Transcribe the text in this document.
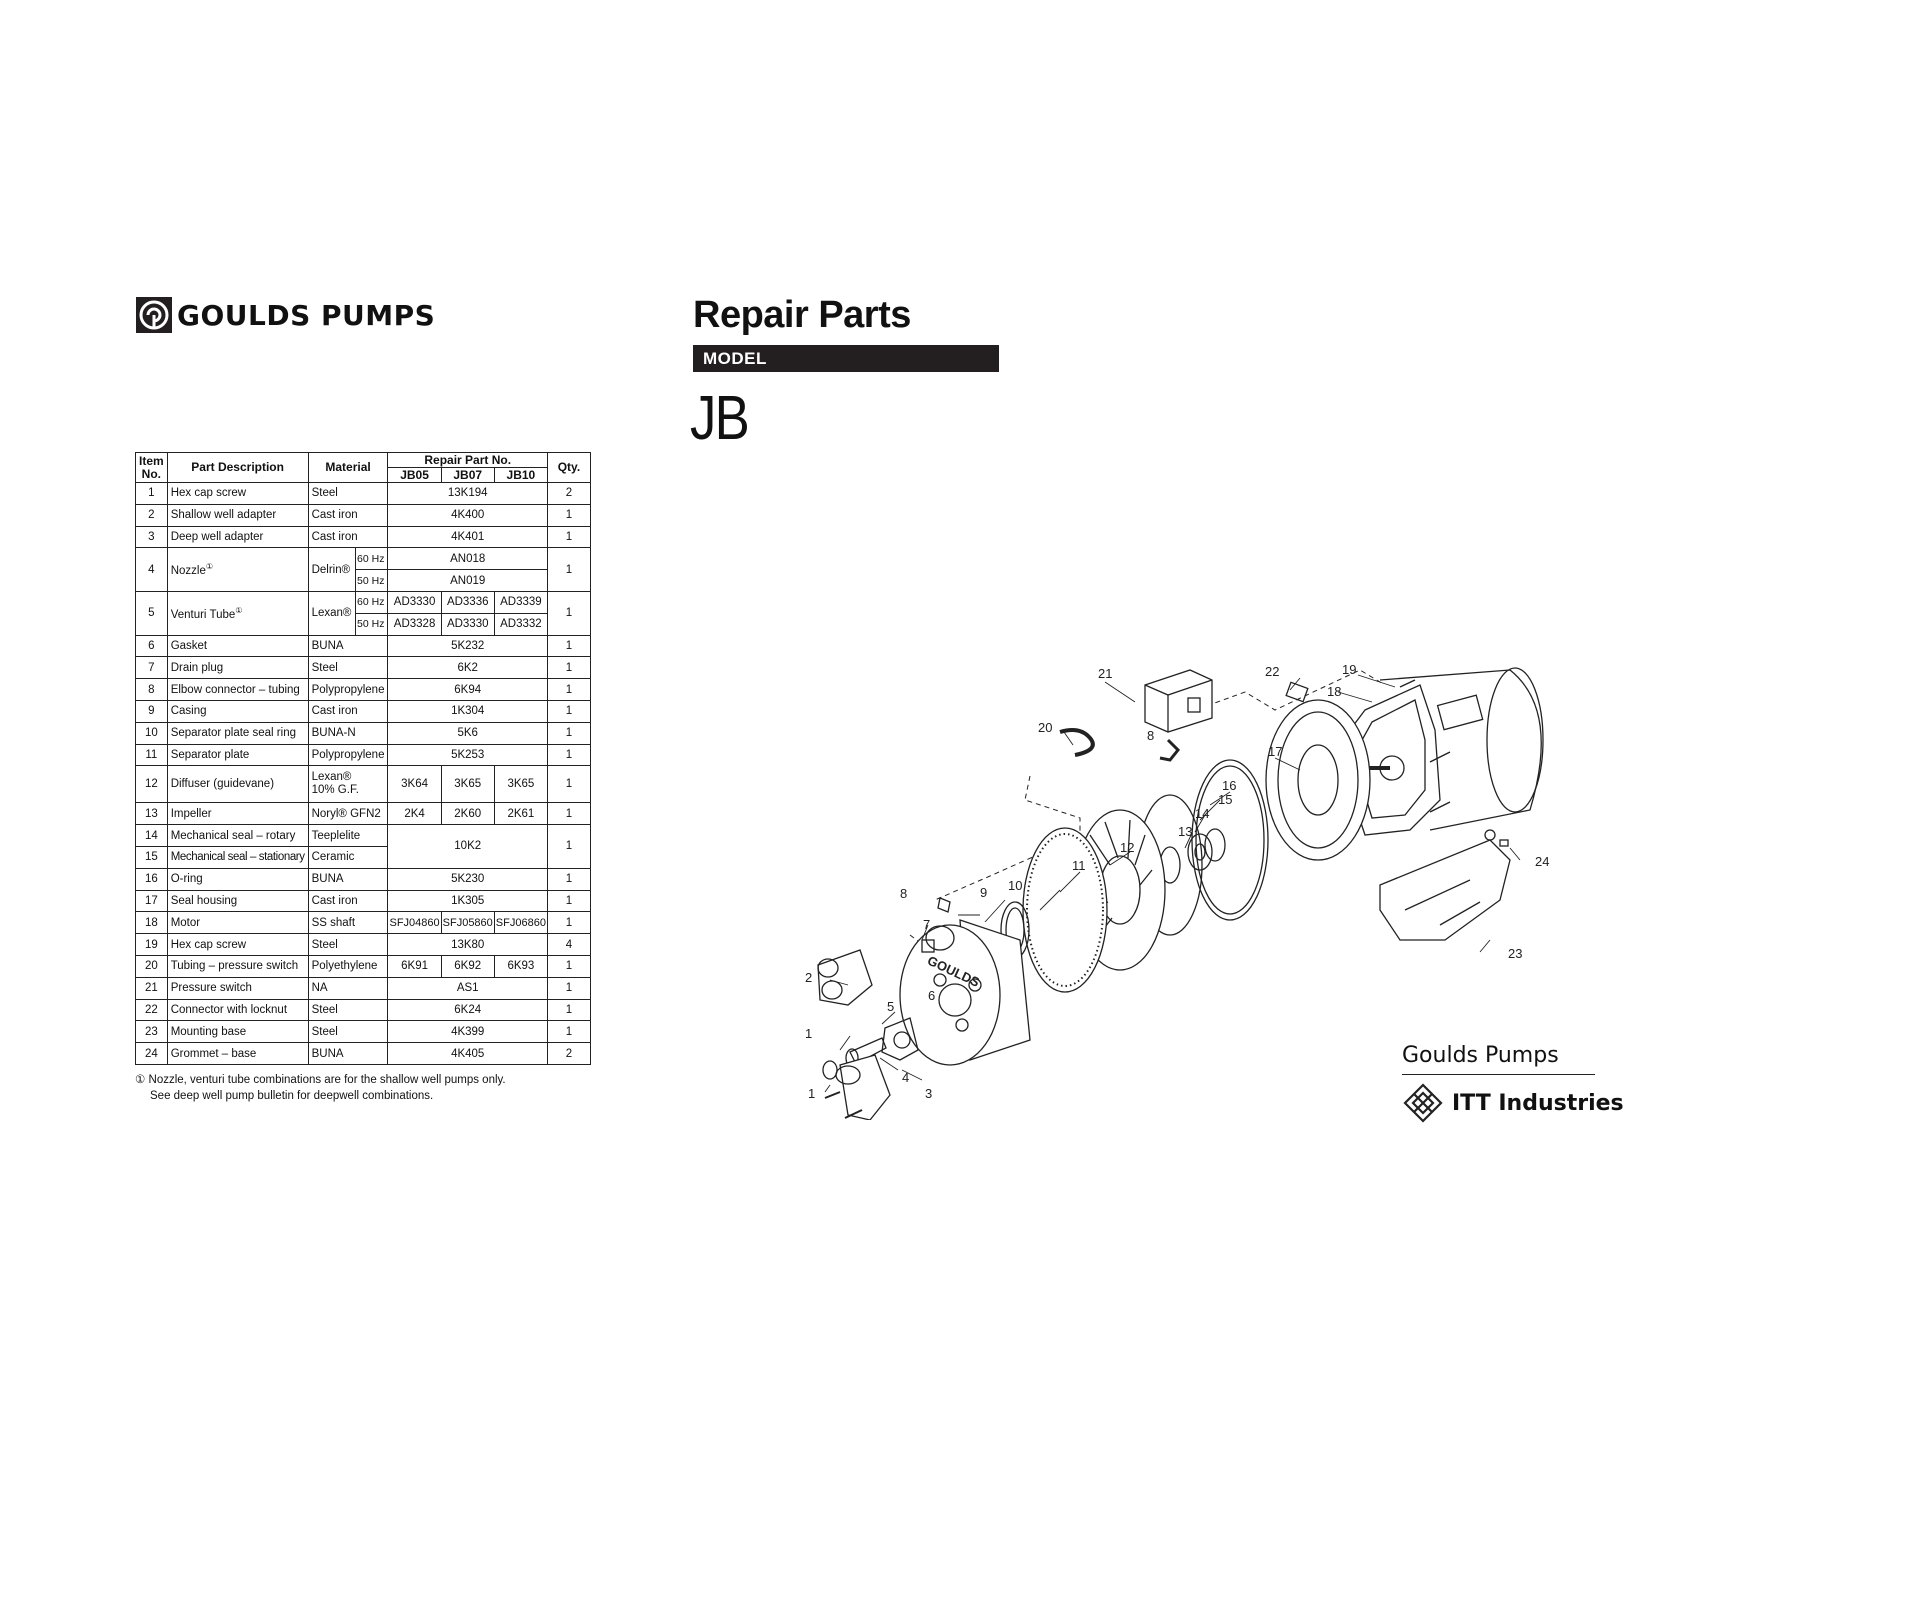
GOULDS PUMPS	Repair Parts
MODEL
JB
Item No.	Part Description	Material		Repair Part No.			Qty.
				JB05	JB07	JB10	
1	Hex cap screw	Steel		13K194			2
2	Shallow well adapter	Cast iron		4K400			1
3	Deep well adapter	Cast iron		4K401			1
4	Nozzle①	Delrin®	60 Hz	AN018			1
			50 Hz	AN019			
5	Venturi Tube①	Lexan®	60 Hz	AD3330	AD3336	AD3339	1
			50 Hz	AD3328	AD3330	AD3332	
6	Gasket	BUNA		5K232			1
7	Drain plug	Steel		6K2			1
8	Elbow connector – tubing	Polypropylene		6K94			1
9	Casing	Cast iron		1K304			1
10	Separator plate seal ring	BUNA-N		5K6			1
11	Separator plate	Polypropylene		5K253			1
12	Diffuser (guidevane)	Lexan®
10% G.F.		3K64	3K65	3K65	1
13	Impeller	Noryl® GFN2		2K4	2K60	2K61	1
14	Mechanical seal – rotary	Teeplelite		10K2			1
15	Mechanical seal – stationary	Ceramic					
16	O-ring	BUNA		5K230			1
17	Seal housing	Cast iron		1K305			1
18	Motor	SS shaft		SFJ04860	SFJ05860	SFJ06860	1
19	Hex cap screw	Steel		13K80			4
20	Tubing – pressure switch	Polyethylene		6K91	6K92	6K93	1
21	Pressure switch	NA		AS1			1
22	Connector with locknut	Steel		6K24			1
23	Mounting base	Steel		4K399			1
24	Grommet – base	BUNA		4K405			2
① Nozzle, venturi tube combinations are for the shallow well pumps only.
See deep well pump bulletin for deepwell combinations.
GOULDS
21
20
8
22	19
18
17
16
15
14
13
12
11
10
9
8
7
6
5
4
3
2
1
1
23
24
Goulds Pumps
ITT Industries
